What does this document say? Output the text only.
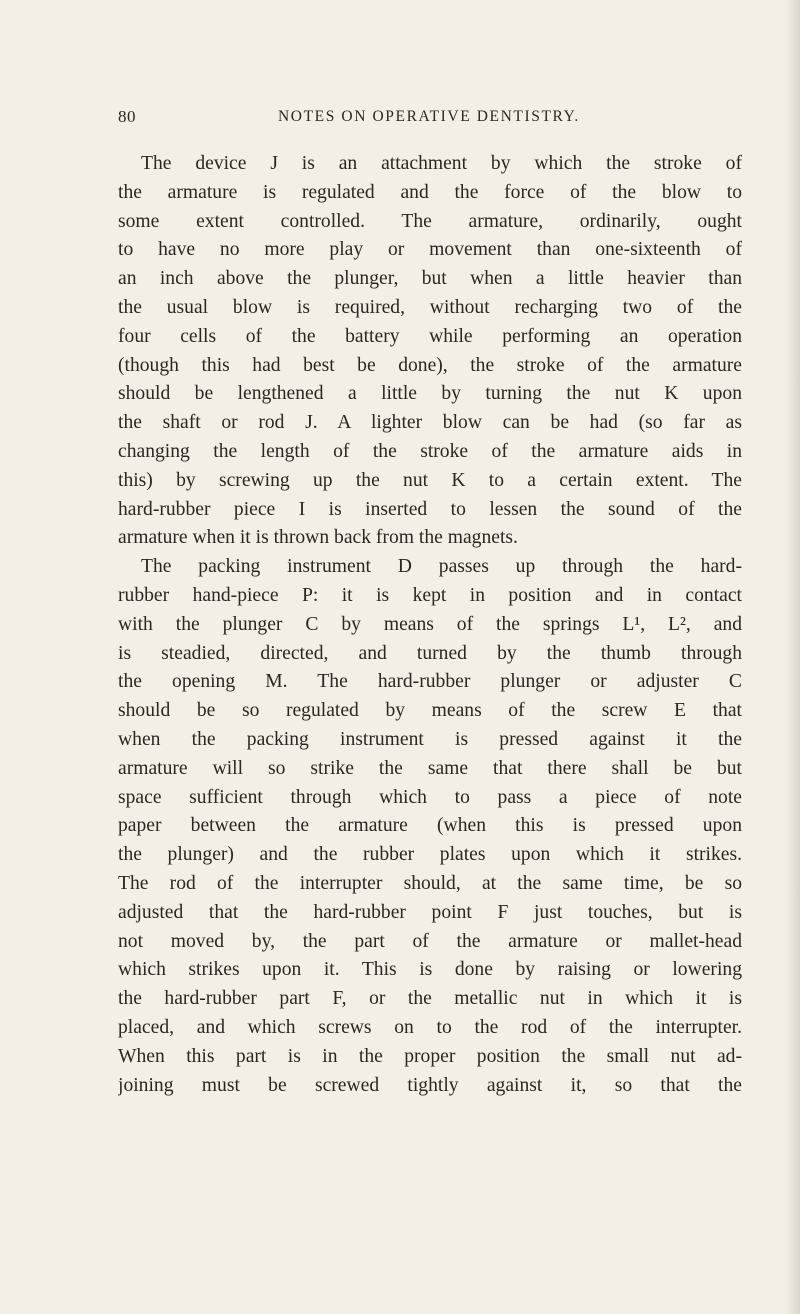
80	NOTES ON OPERATIVE DENTISTRY.
The device J is an attachment by which the stroke of
the armature is regulated and the force of the blow to
some extent controlled. The armature, ordinarily, ought
to have no more play or movement than one-sixteenth of
an inch above the plunger, but when a little heavier than
the usual blow is required, without recharging two of the
four cells of the battery while performing an operation
(though this had best be done), the stroke of the armature
should be lengthened a little by turning the nut K upon
the shaft or rod J. A lighter blow can be had (so far as
changing the length of the stroke of the armature aids in
this) by screwing up the nut K to a certain extent. The
hard-rubber piece I is inserted to lessen the sound of the
armature when it is thrown back from the magnets.
The packing instrument D passes up through the hard-
rubber hand-piece P: it is kept in position and in contact
with the plunger C by means of the springs L¹, L², and
is steadied, directed, and turned by the thumb through
the opening M. The hard-rubber plunger or adjuster C
should be so regulated by means of the screw E that
when the packing instrument is pressed against it the
armature will so strike the same that there shall be but
space sufficient through which to pass a piece of note
paper between the armature (when this is pressed upon
the plunger) and the rubber plates upon which it strikes.
The rod of the interrupter should, at the same time, be so
adjusted that the hard-rubber point F just touches, but is
not moved by, the part of the armature or mallet-head
which strikes upon it. This is done by raising or lowering
the hard-rubber part F, or the metallic nut in which it is
placed, and which screws on to the rod of the interrupter.
When this part is in the proper position the small nut ad-
joining must be screwed tightly against it, so that the
